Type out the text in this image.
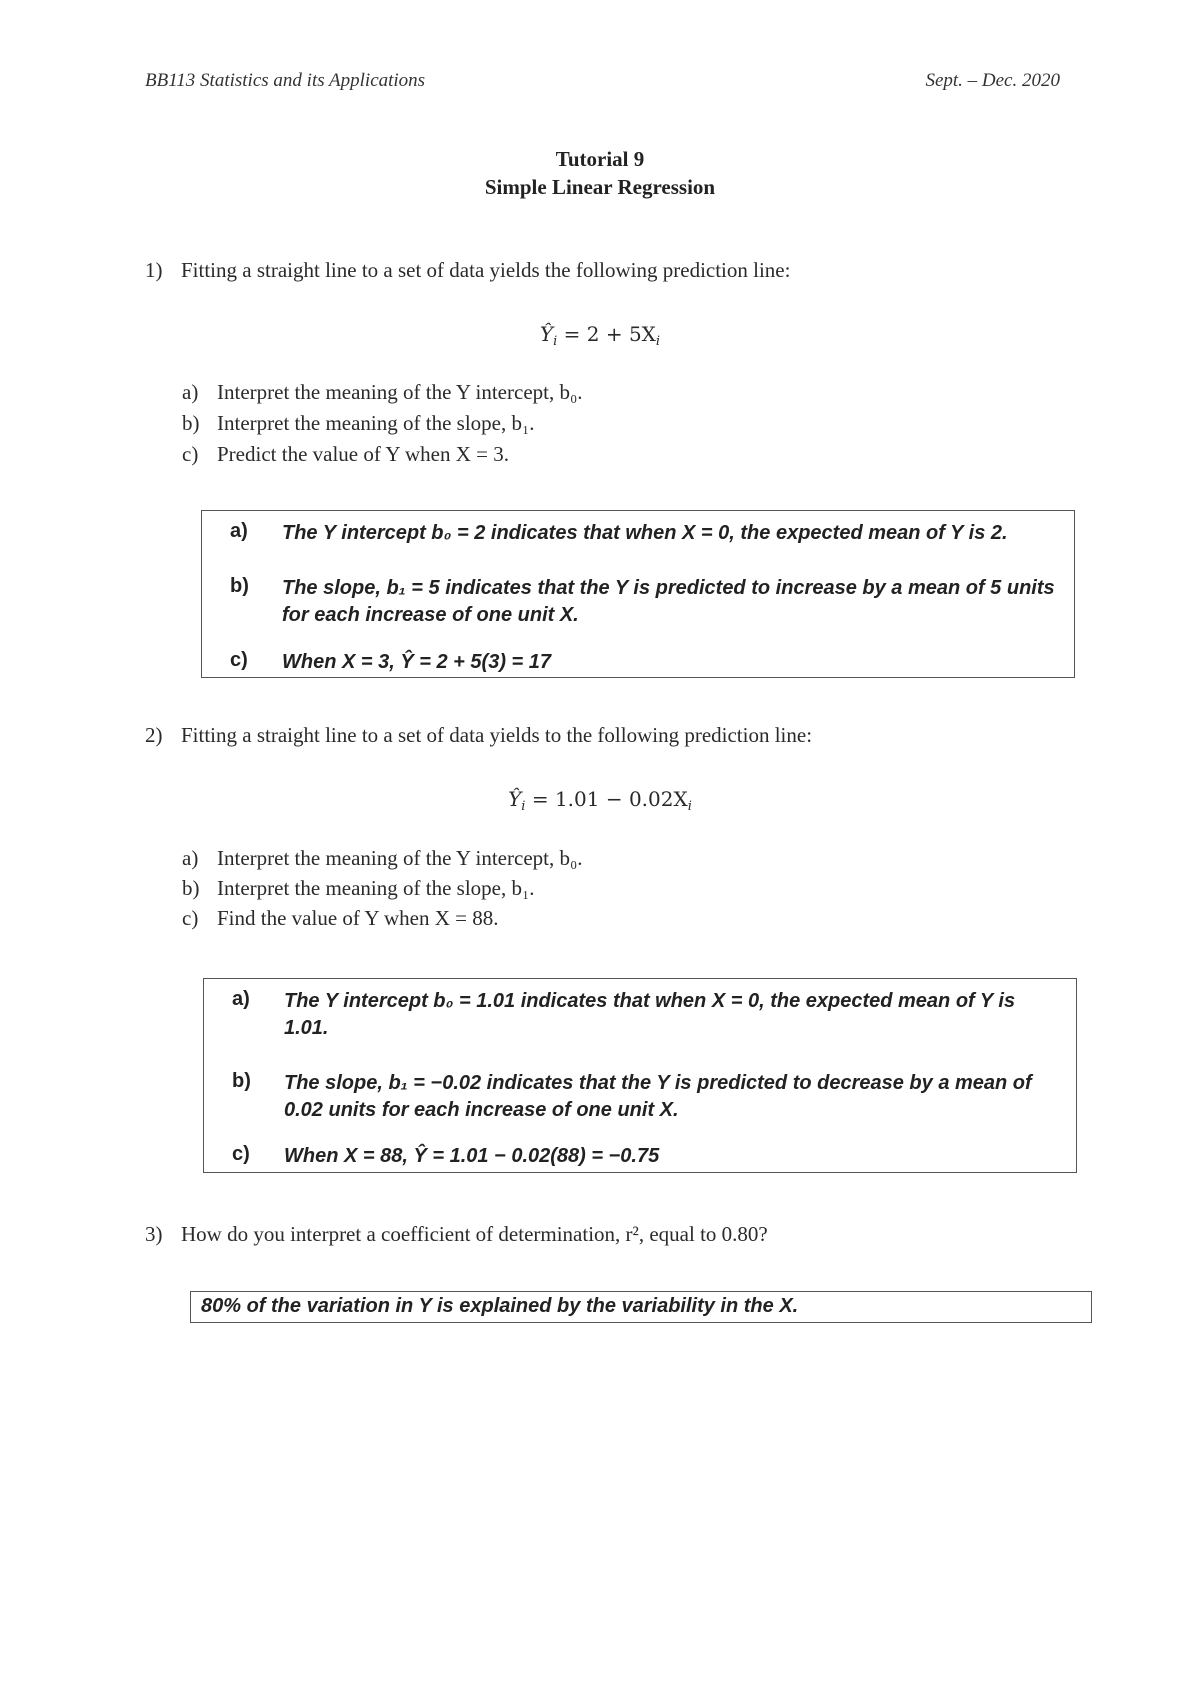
BB113 Statistics and its Applications	Sept. – Dec. 2020
Tutorial 9
Simple Linear Regression
1) Fitting a straight line to a set of data yields the following prediction line:
$Ŷ_i = 2 + 5X_i$
a) Interpret the meaning of the Y intercept, b₀.
b) Interpret the meaning of the slope, b₁.
c) Predict the value of Y when X = 3.
a) The Y intercept b₀ = 2 indicates that when X = 0, the expected mean of Y is 2.
b) The slope, b₁ = 5 indicates that the Y is predicted to increase by a mean of 5 units for each increase of one unit X.
c) When X = 3, Ŷ = 2 + 5(3) = 17
2) Fitting a straight line to a set of data yields to the following prediction line:
$Ŷ_i = 1.01 - 0.02X_i$
a) Interpret the meaning of the Y intercept, b₀.
b) Interpret the meaning of the slope, b₁.
c) Find the value of Y when X = 88.
a) The Y intercept b₀ = 1.01 indicates that when X = 0, the expected mean of Y is 1.01.
b) The slope, b₁ = −0.02 indicates that the Y is predicted to decrease by a mean of 0.02 units for each increase of one unit X.
c) When X = 88, Ŷ = 1.01 − 0.02(88) = −0.75
3) How do you interpret a coefficient of determination, r², equal to 0.80?
80% of the variation in Y is explained by the variability in the X.
